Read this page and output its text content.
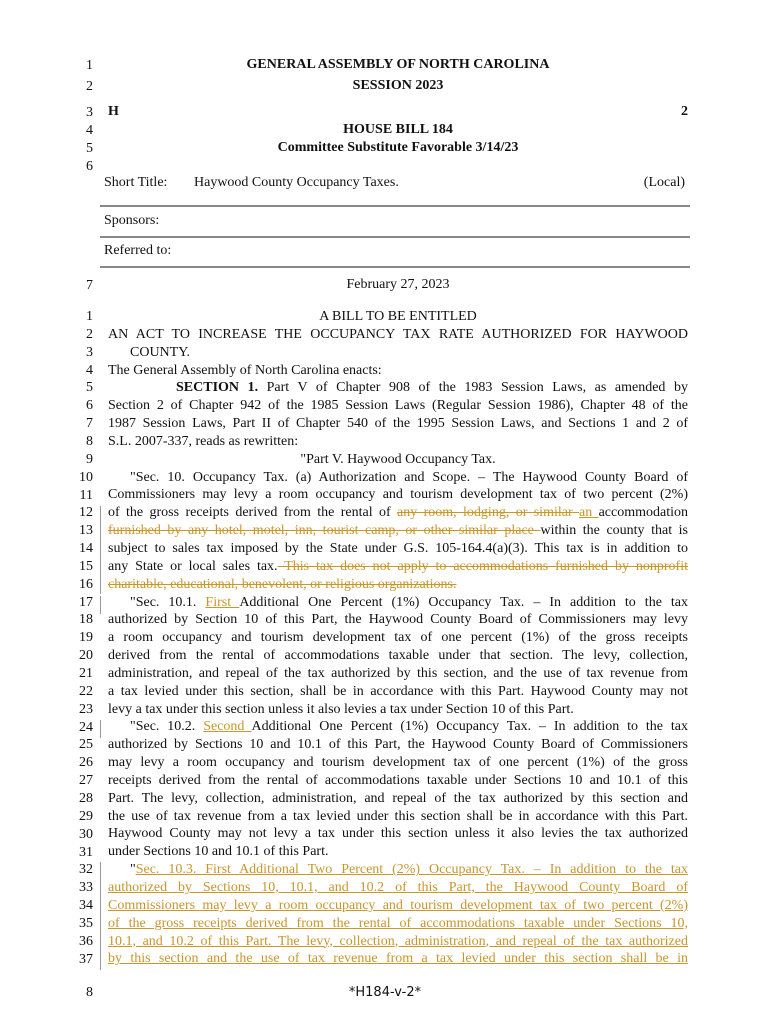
1	GENERAL ASSEMBLY OF NORTH CAROLINA
2	SESSION 2023
3 H	2
4	HOUSE BILL 184
5	Committee Substitute Favorable 3/14/23
6
Short Title: Haywood County Occupancy Taxes.	(Local)
Sponsors:
Referred to:
7	February 27, 2023
1
2
3
4
5
6
7
8
9
10
11
12
13
14
15
16
17
18
19
20
21
22
23
24
25
26
27
28
29
30
31
32
33
34
35
36
37
A BILL TO BE ENTITLED
AN ACT TO INCREASE THE OCCUPANCY TAX RATE AUTHORIZED FOR HAYWOOD
COUNTY.
The General Assembly of North Carolina enacts:
SECTION 1. Part V of Chapter 908 of the 1983 Session Laws, as amended by
Section 2 of Chapter 942 of the 1985 Session Laws (Regular Session 1986), Chapter 48 of the
1987 Session Laws, Part II of Chapter 540 of the 1995 Session Laws, and Sections 1 and 2 of
S.L. 2007-337, reads as rewritten:
"Part V. Haywood Occupancy Tax.
"Sec. 10. Occupancy Tax. (a) Authorization and Scope. – The Haywood County Board of
Commissioners may levy a room occupancy and tourism development tax of two percent (2%)
of the gross receipts derived from the rental of any room, lodging, or similar an accommodation
furnished by any hotel, motel, inn, tourist camp, or other similar place within the county that is
subject to sales tax imposed by the State under G.S. 105-164.4(a)(3). This tax is in addition to
any State or local sales tax. This tax does not apply to accommodations furnished by nonprofit
charitable, educational, benevolent, or religious organizations.
"Sec. 10.1. First Additional One Percent (1%) Occupancy Tax. – In addition to the tax
authorized by Section 10 of this Part, the Haywood County Board of Commissioners may levy
a room occupancy and tourism development tax of one percent (1%) of the gross receipts
derived from the rental of accommodations taxable under that section. The levy, collection,
administration, and repeal of the tax authorized by this section, and the use of tax revenue from
a tax levied under this section, shall be in accordance with this Part. Haywood County may not
levy a tax under this section unless it also levies a tax under Section 10 of this Part.
"Sec. 10.2. Second Additional One Percent (1%) Occupancy Tax. – In addition to the tax
authorized by Sections 10 and 10.1 of this Part, the Haywood County Board of Commissioners
may levy a room occupancy and tourism development tax of one percent (1%) of the gross
receipts derived from the rental of accommodations taxable under Sections 10 and 10.1 of this
Part. The levy, collection, administration, and repeal of the tax authorized by this section and
the use of tax revenue from a tax levied under this section shall be in accordance with this Part.
Haywood County may not levy a tax under this section unless it also levies the tax authorized
under Sections 10 and 10.1 of this Part.
"Sec. 10.3. First Additional Two Percent (2%) Occupancy Tax. – In addition to the tax
authorized by Sections 10, 10.1, and 10.2 of this Part, the Haywood County Board of
Commissioners may levy a room occupancy and tourism development tax of two percent (2%)
of the gross receipts derived from the rental of accommodations taxable under Sections 10,
10.1, and 10.2 of this Part. The levy, collection, administration, and repeal of the tax authorized
by this section and the use of tax revenue from a tax levied under this section shall be in
8	*H184-v-2*
